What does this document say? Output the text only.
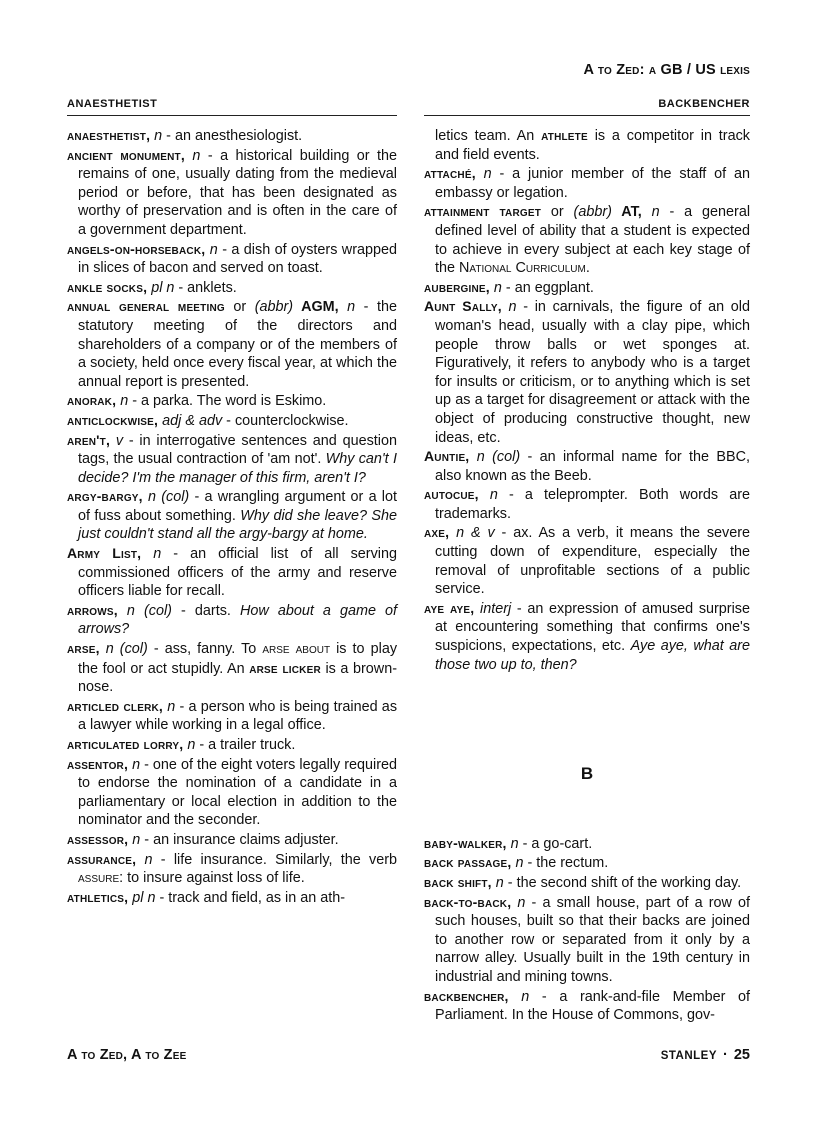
A to Zed: a GB / US lexis
ANAESTHETIST	BACKBENCHER

anaesthetist, n - an anesthesiologist.

ancient monument, n - a historical building or the remains of one, usually dating from the medieval period or before, that has been designated as worthy of preservation and is often in the care of a government department.

angels-on-horseback, n - a dish of oysters wrapped in slices of bacon and served on toast.

ankle socks, pl n - anklets.

annual general meeting or (abbr) AGM, n - the statutory meeting of the directors and shareholders of a company or of the members of a society, held once every fiscal year, at which the annual report is presented.

anorak, n - a parka. The word is Eskimo.

anticlockwise, adj & adv - counterclockwise.

aren't, v - in interrogative sentences and question tags, the usual contraction of 'am not'. Why can't I decide? I'm the manager of this firm, aren't I?

argy-bargy, n (col) - a wrangling argument or a lot of fuss about something. Why did she leave? She just couldn't stand all the argy-bargy at home.

Army List, n - an official list of all serving commissioned officers of the army and reserve officers liable for recall.

arrows, n (col) - darts. How about a game of arrows?

arse, n (col) - ass, fanny. To arse about is to play the fool or act stupidly. An arse licker is a brown-nose.

articled clerk, n - a person who is being trained as a lawyer while working in a legal office.

articulated lorry, n - a trailer truck.

assentor, n - one of the eight voters legally required to endorse the nomination of a candidate in a parliamentary or local election in addition to the nominator and the seconder.

assessor, n - an insurance claims adjuster.

assurance, n - life insurance. Similarly, the verb assure: to insure against loss of life.

athletics, pl n - track and field, as in an ath-

letics team. An athlete is a competitor in track and field events.

attaché, n - a junior member of the staff of an embassy or legation.

attainment target or (abbr) AT, n - a general defined level of ability that a student is expected to achieve in every subject at each key stage of the National Curriculum.

aubergine, n - an eggplant.

Aunt Sally, n - in carnivals, the figure of an old woman's head, usually with a clay pipe, which people throw balls or wet sponges at. Figuratively, it refers to anybody who is a target for insults or criticism, or to anything which is set up as a target for disagreement or attack with the object of producing constructive thought, new ideas, etc.

Auntie, n (col) - an informal name for the BBC, also known as the Beeb.

autocue, n - a teleprompter. Both words are trademarks.

axe, n & v - ax. As a verb, it means the severe cutting down of expenditure, especially the removal of unprofitable sections of a public service.

aye aye, interj - an expression of amused surprise at encountering something that confirms one's suspicions, expectations, etc. Aye aye, what are those two up to, then?

B

baby-walker, n - a go-cart.

back passage, n - the rectum.

back shift, n - the second shift of the working day.

back-to-back, n - a small house, part of a row of such houses, built so that their backs are joined to another row or separated from it only by a narrow alley. Usually built in the 19th century in industrial and mining towns.

backbencher, n - a rank-and-file Member of Parliament. In the House of Commons, gov-

A to Zed, A to Zee	STANLEY · 25
